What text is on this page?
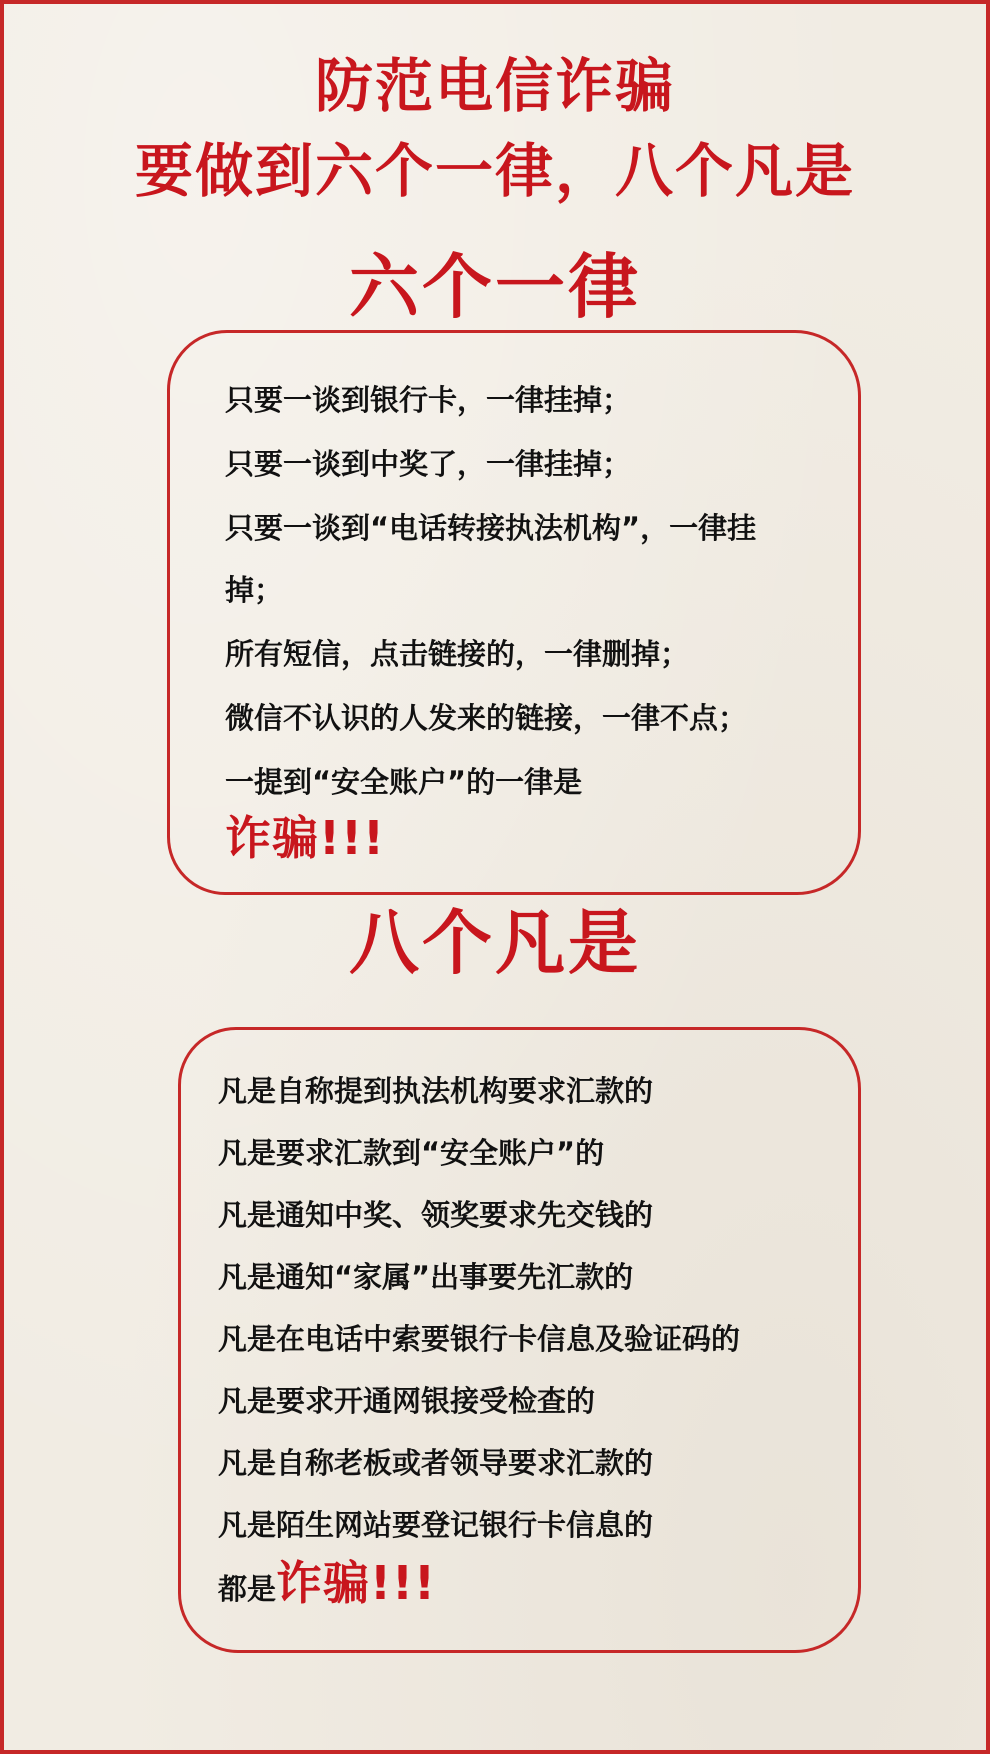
防范电信诈骗
要做到六个一律，八个凡是
六个一律
只要一谈到银行卡，一律挂掉；
只要一谈到中奖了，一律挂掉；
只要一谈到“电话转接执法机构”，一律挂
掉；
所有短信，点击链接的，一律删掉；
微信不认识的人发来的链接，一律不点；
一提到“安全账户”的一律是
诈骗!!!
八个凡是
凡是自称提到执法机构要求汇款的
凡是要求汇款到“安全账户”的
凡是通知中奖、领奖要求先交钱的
凡是通知“家属”出事要先汇款的
凡是在电话中索要银行卡信息及验证码的
凡是要求开通网银接受检查的
凡是自称老板或者领导要求汇款的
凡是陌生网站要登记银行卡信息的
都是诈骗!!!
